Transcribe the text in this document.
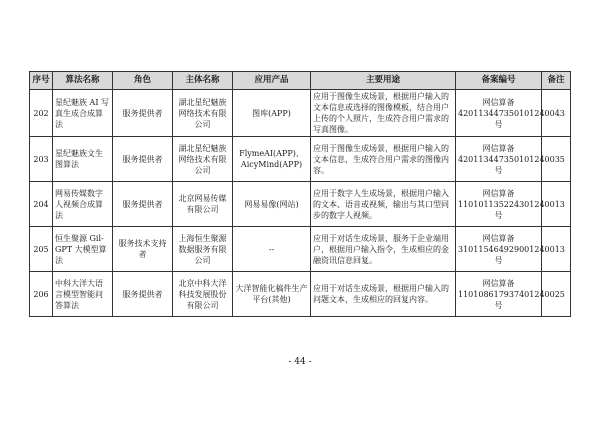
序号	算法名称	角色	主体名称	应用产品	主要用途	备案编号	备注
202	星纪魅族 AI 写真生成合成算法	服务提供者	湖北星纪魅族网络技术有限公司	图库(APP)	应用于图像生成场景，根据用户输入的文本信息或选择的图像模板，结合用户上传的个人照片，生成符合用户需求的写真图像。	网信算备420113447350101240043 号	
203	星纪魅族文生图算法	服务提供者	湖北星纪魅族网络技术有限公司	FlymeAI(APP)、AicyMind(APP)	应用于图像生成场景，根据用户输入的文本信息，生成符合用户需求的图像内容。	网信算备420113447350101240035 号	
204	网易传媒数字人视频合成算法	服务提供者	北京网易传媒有限公司	网易易像(网站)	应用于数字人生成场景，根据用户输入的文本、语音或视频，输出与其口型同步的数字人视频。	网信算备110101135224301240013 号	
205	恒生聚源 Gil-GPT 大模型算法	服务技术支持者	上海恒生聚源数据服务有限公司	--	应用于对话生成场景，服务于企业端用户，根据用户输入指令，生成相应的金融资讯信息回复。	网信算备310115464929001240013 号	
206	中科大洋大语言模型智能问答算法	服务提供者	北京中科大洋科技发展股份有限公司	大洋智能化稿件生产平台(其他)	应用于对话生成场景，根据用户输入的问题文本，生成相应的回复内容。	网信算备110108617937401240025 号	
- 44 -
